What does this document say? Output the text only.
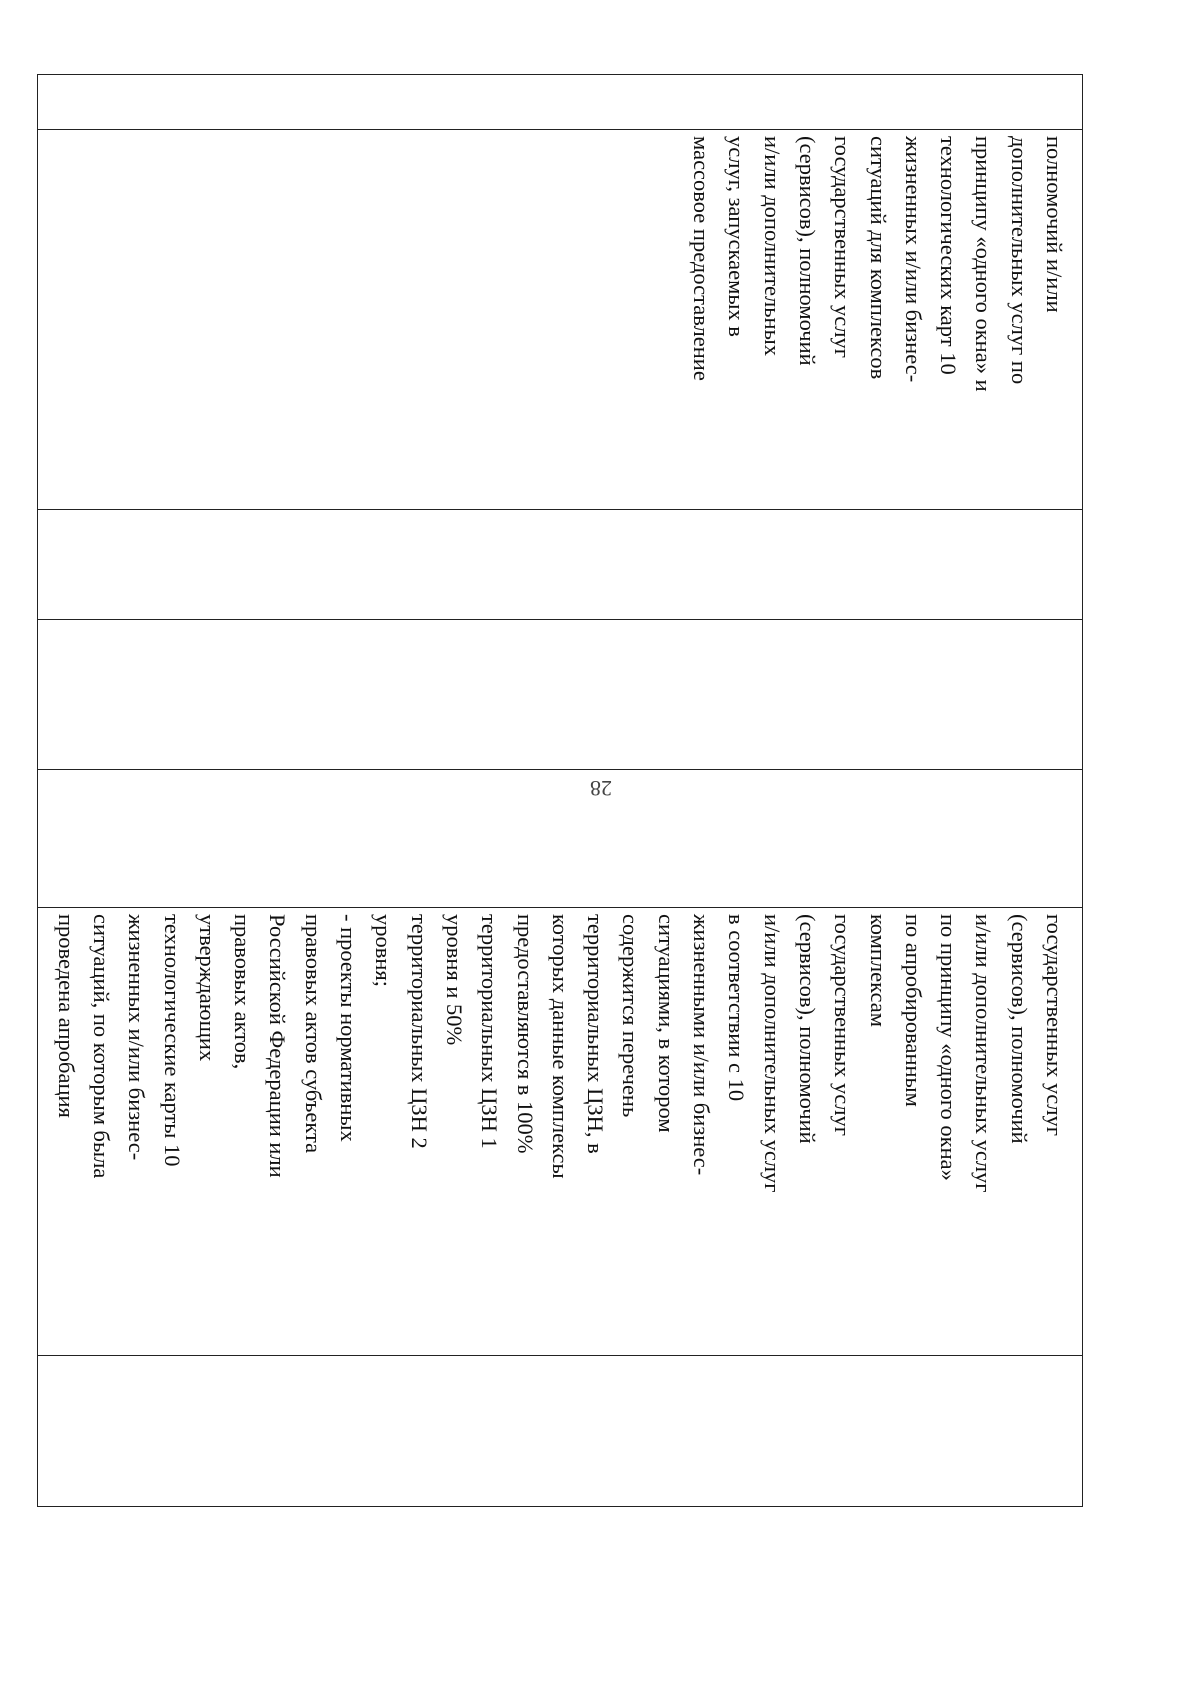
28

полномочий и/или

дополнительных услуг по

принципу «одного окна» и

технологических карт 10

жизненных и/или бизнес-

ситуаций для комплексов

государственных услуг

(сервисов), полномочий

и/или дополнительных

услуг, запускаемых в

массовое предоставление

государственных услуг

(сервисов), полномочий

и/или дополнительных услуг

по принципу «одного окна»

по апробированным

комплексам

государственных услуг

(сервисов), полномочий

и/или дополнительных услуг

в соответствии с 10

жизненными и/или бизнес-

ситуациями, в котором

содержится перечень

территориальных ЦЗН, в

которых данные комплексы

предоставляются в 100%

территориальных ЦЗН 1

уровня и 50%

территориальных ЦЗН 2

уровня;

- проекты нормативных

правовых актов субъекта

Российской Федерации или

правовых актов,

утверждающих

технологические карты 10

жизненных и/или бизнес-

ситуаций, по которым была

проведена апробация
